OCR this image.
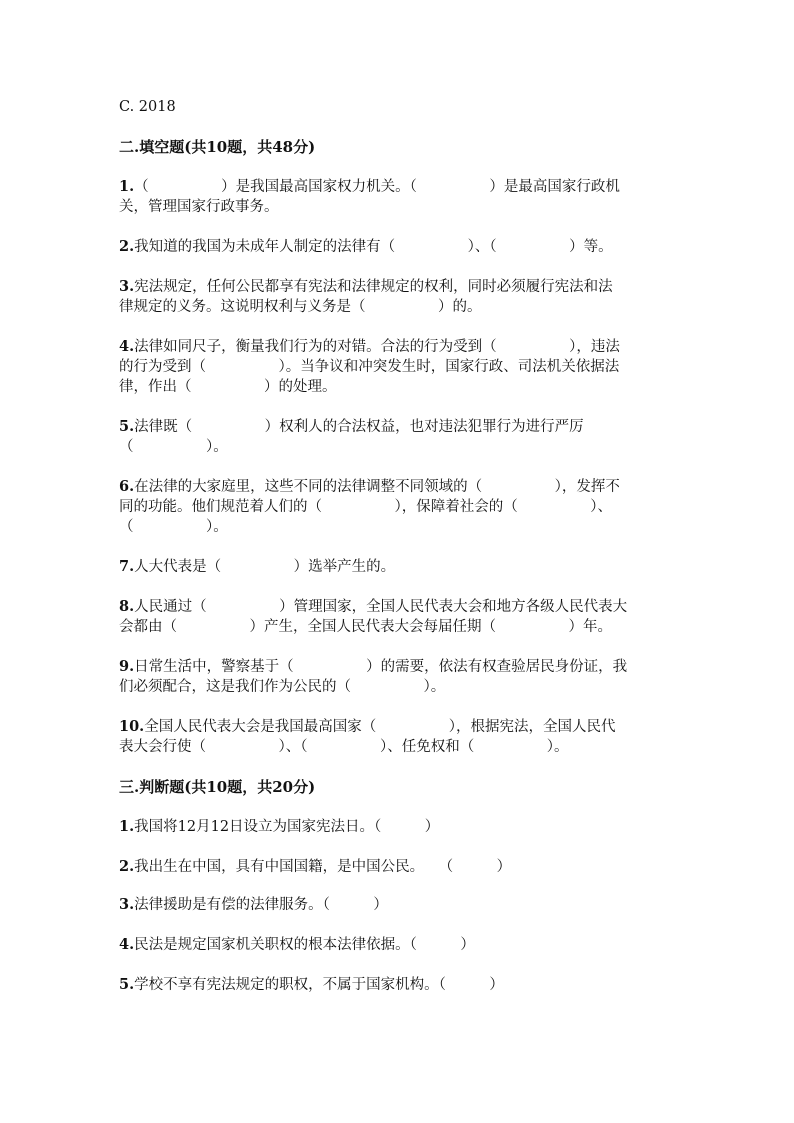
C. 2018
二.填空题(共10题，共48分)
1.（　　　　　）是我国最高国家权力机关。（　　　　　）是最高国家行政机
关，管理国家行政事务。
2.我知道的我国为未成年人制定的法律有（　　　　　）、（　　　　　）等。
3.宪法规定，任何公民都享有宪法和法律规定的权利，同时必须履行宪法和法
律规定的义务。这说明权利与义务是（　　　　　）的。
4.法律如同尺子，衡量我们行为的对错。合法的行为受到（　　　　　），违法
的行为受到（　　　　　）。当争议和冲突发生时，国家行政、司法机关依据法
律，作出（　　　　　）的处理。
5.法律既（　　　　　）权利人的合法权益，也对违法犯罪行为进行严厉
（　　　　　）。
6.在法律的大家庭里，这些不同的法律调整不同领域的（　　　　　），发挥不
同的功能。他们规范着人们的（　　　　　），保障着社会的（　　　　　）、
（　　　　　）。
7.人大代表是（　　　　　）选举产生的。
8.人民通过（　　　　　）管理国家，全国人民代表大会和地方各级人民代表大
会都由（　　　　　）产生，全国人民代表大会每届任期（　　　　　）年。
9.日常生活中，警察基于（　　　　　）的需要，依法有权查验居民身份证，我
们必须配合，这是我们作为公民的（　　　　　）。
10.全国人民代表大会是我国最高国家（　　　　　），根据宪法，全国人民代
表大会行使（　　　　　）、（　　　　　）、任免权和（　　　　　）。
三.判断题(共10题，共20分)
1.我国将12月12日设立为国家宪法日。（　　　）
2.我出生在中国，具有中国国籍，是中国公民。　　（　　　）
3.法律援助是有偿的法律服务。（　　　）
4.民法是规定国家机关职权的根本法律依据。（　　　）
5.学校不享有宪法规定的职权，不属于国家机构。（　　　）
